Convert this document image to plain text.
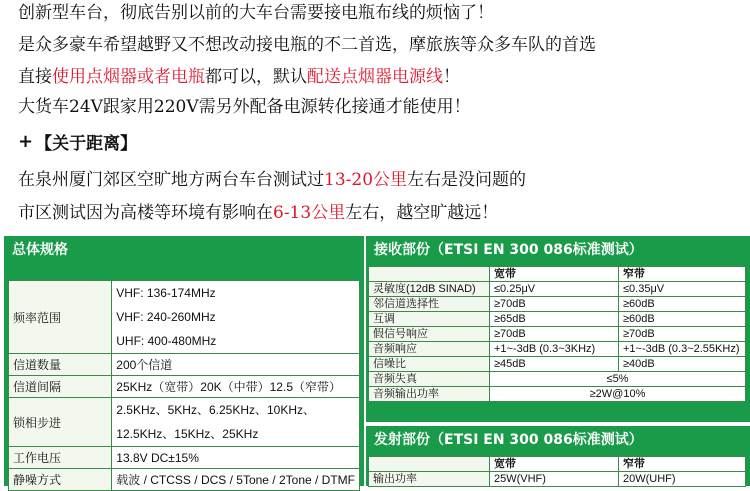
创新型车台，彻底告别以前的大车台需要接电瓶布线的烦恼了！
是众多豪车希望越野又不想改动接电瓶的不二首选，摩旅族等众多车队的首选
直接使用点烟器或者电瓶都可以，默认配送点烟器电源线！
大货车24V跟家用220V需另外配备电源转化接通才能使用！
+ 【关于距离】
在泉州厦门郊区空旷地方两台车台测试过13-20公里左右是没问题的
市区测试因为高楼等环境有影响在6-13公里左右，越空旷越远！
总体规格
频率范围	VHF: 136-174MHz
VHF: 240-260MHz
UHF: 400-480MHz

信道数量	200个信道
信道间隔	25KHz（宽带）20K（中带）12.5（窄带）
锁相步进	2.5KHz、5KHz、6.25KHz、10KHz、
12.5KHz、15KHz、25KHz

工作电压	13.8V DC±15%
静噪方式	载波 / CTCSS / DCS / 5Tone / 2Tone / DTMF
接收部份（ETSI EN 300 086标准测试）
	宽带	窄带
灵敏度(12dB SINAD)	≤0.25μV	≤0.35μV
邻信道选择性	≥70dB	≥60dB
互调	≥65dB	≥60dB
假信号响应	≥70dB	≥70dB
音频响应	+1~-3dB (0.3~3KHz)	+1~-3dB (0.3~2.55KHz)
信噪比	≥45dB	≥40dB
音频失真	≤5%	
音频输出功率	≥2W@10%	
发射部份（ETSI EN 300 086标准测试）
	宽带	窄带
输出功率	25W(VHF)	20W(UHF)
